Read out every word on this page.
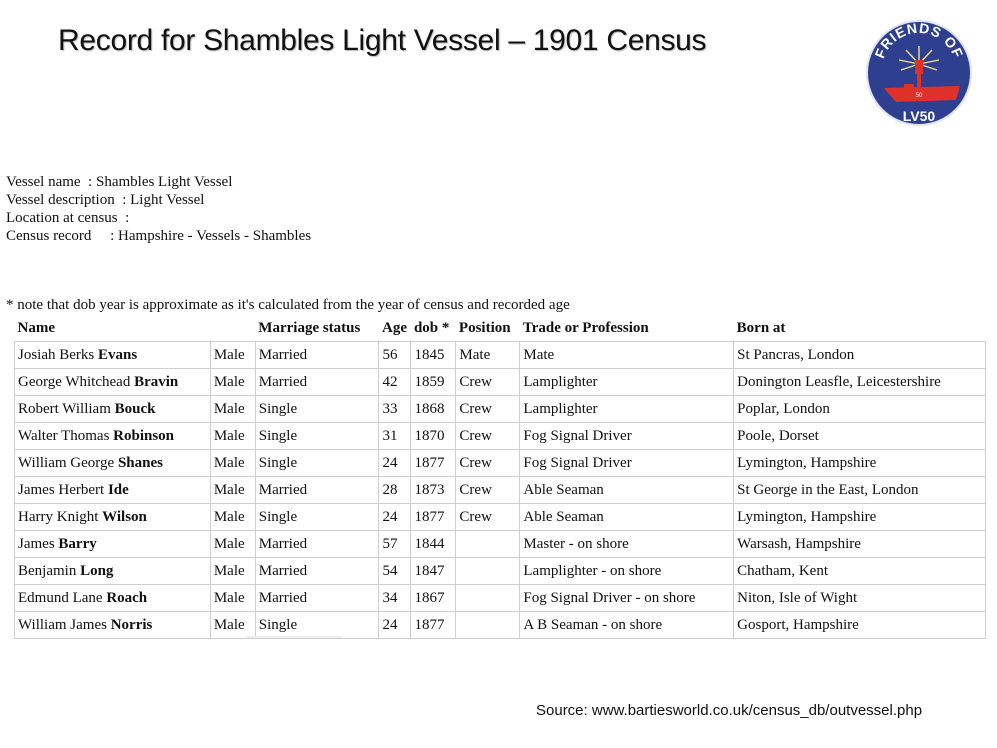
Record for Shambles Light Vessel – 1901 Census	FRIENDS OF
50
LV50
Vessel name  : Shambles Light Vessel
Vessel description  : Light Vessel
Location at census  :
Census record     : Hampshire - Vessels - Shambles
* note that dob year is approximate as it's calculated from the year of census and recorded age
Name		Marriage status	Age	dob *	Position	Trade or Profession	Born at
Josiah Berks Evans	Male	Married	56	1845	Mate	Mate	St Pancras, London
George Whitchead Bravin	Male	Married	42	1859	Crew	Lamplighter	Donington Leasfle, Leicestershire
Robert William Bouck	Male	Single	33	1868	Crew	Lamplighter	Poplar, London
Walter Thomas Robinson	Male	Single	31	1870	Crew	Fog Signal Driver	Poole, Dorset
William George Shanes	Male	Single	24	1877	Crew	Fog Signal Driver	Lymington, Hampshire
James Herbert Ide	Male	Married	28	1873	Crew	Able Seaman	St George in the East, London
Harry Knight Wilson	Male	Single	24	1877	Crew	Able Seaman	Lymington, Hampshire
James Barry	Male	Married	57	1844		Master - on shore	Warsash, Hampshire
Benjamin Long	Male	Married	54	1847		Lamplighter - on shore	Chatham, Kent
Edmund Lane Roach	Male	Married	34	1867		Fog Signal Driver - on shore	Niton, Isle of Wight
William James Norris	Male	Single	24	1877		A B Seaman - on shore	Gosport, Hampshire
Source: www.bartiesworld.co.uk/census_db/outvessel.php
